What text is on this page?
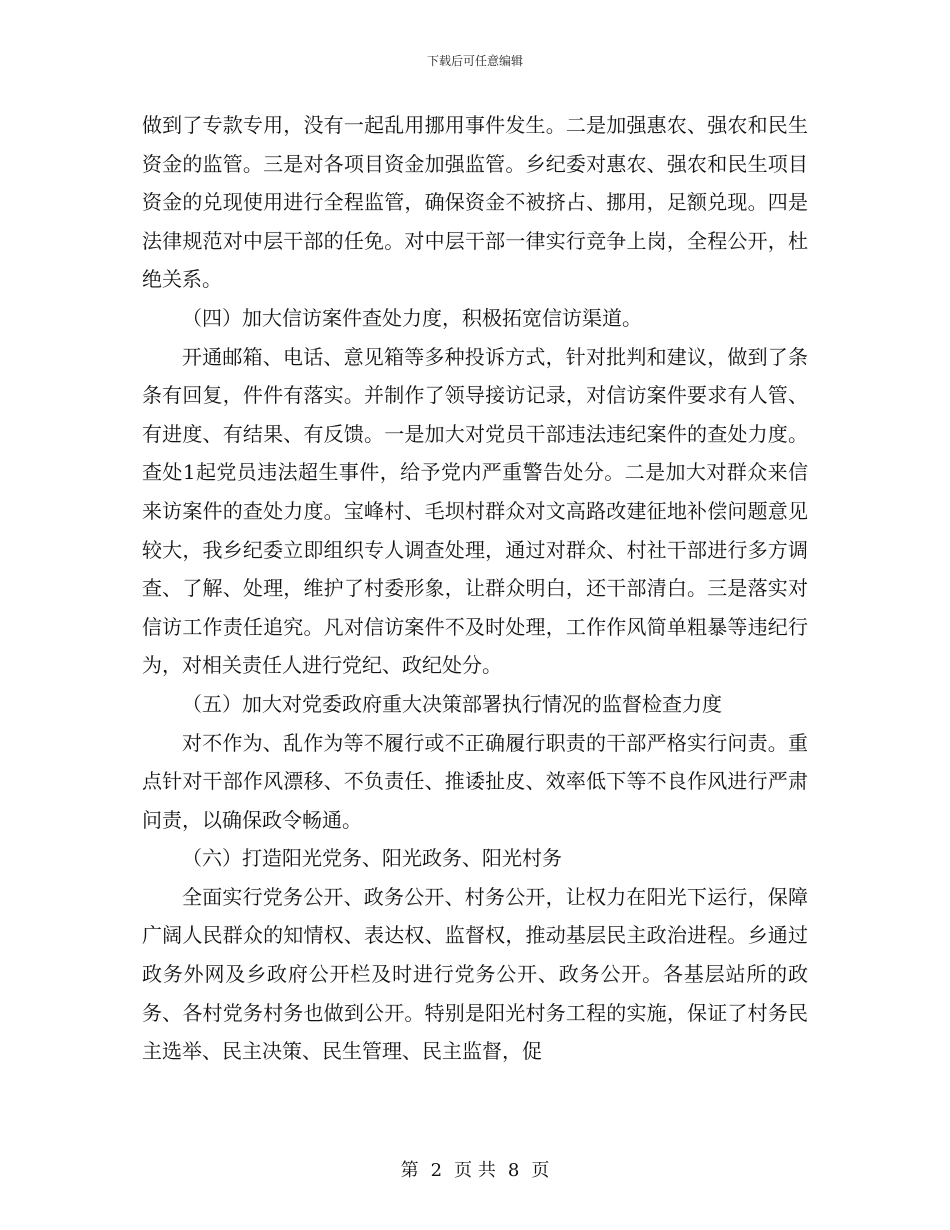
下载后可任意编辑

做到了专款专用，没有一起乱用挪用事件发生。二是加强惠农、强农和民生资金的监管。三是对各项目资金加强监管。乡纪委对惠农、强农和民生项目资金的兑现使用进行全程监管，确保资金不被挤占、挪用，足额兑现。四是法律规范对中层干部的任免。对中层干部一律实行竞争上岗，全程公开，杜绝关系。

（四）加大信访案件查处力度，积极拓宽信访渠道。

开通邮箱、电话、意见箱等多种投诉方式，针对批判和建议，做到了条条有回复，件件有落实。并制作了领导接访记录，对信访案件要求有人管、有进度、有结果、有反馈。一是加大对党员干部违法违纪案件的查处力度。查处1起党员违法超生事件，给予党内严重警告处分。二是加大对群众来信来访案件的查处力度。宝峰村、毛坝村群众对文高路改建征地补偿问题意见较大，我乡纪委立即组织专人调查处理，通过对群众、村社干部进行多方调查、了解、处理，维护了村委形象，让群众明白，还干部清白。三是落实对信访工作责任追究。凡对信访案件不及时处理，工作作风简单粗暴等违纪行为，对相关责任人进行党纪、政纪处分。

（五）加大对党委政府重大决策部署执行情况的监督检查力度

对不作为、乱作为等不履行或不正确履行职责的干部严格实行问责。重点针对干部作风漂移、不负责任、推诿扯皮、效率低下等不良作风进行严肃问责，以确保政令畅通。

（六）打造阳光党务、阳光政务、阳光村务

全面实行党务公开、政务公开、村务公开，让权力在阳光下运行，保障广阔人民群众的知情权、表达权、监督权，推动基层民主政治进程。乡通过政务外网及乡政府公开栏及时进行党务公开、政务公开。各基层站所的政务、各村党务村务也做到公开。特别是阳光村务工程的实施，保证了村务民主选举、民主决策、民生管理、民主监督，促

第 2 页 共 8 页
